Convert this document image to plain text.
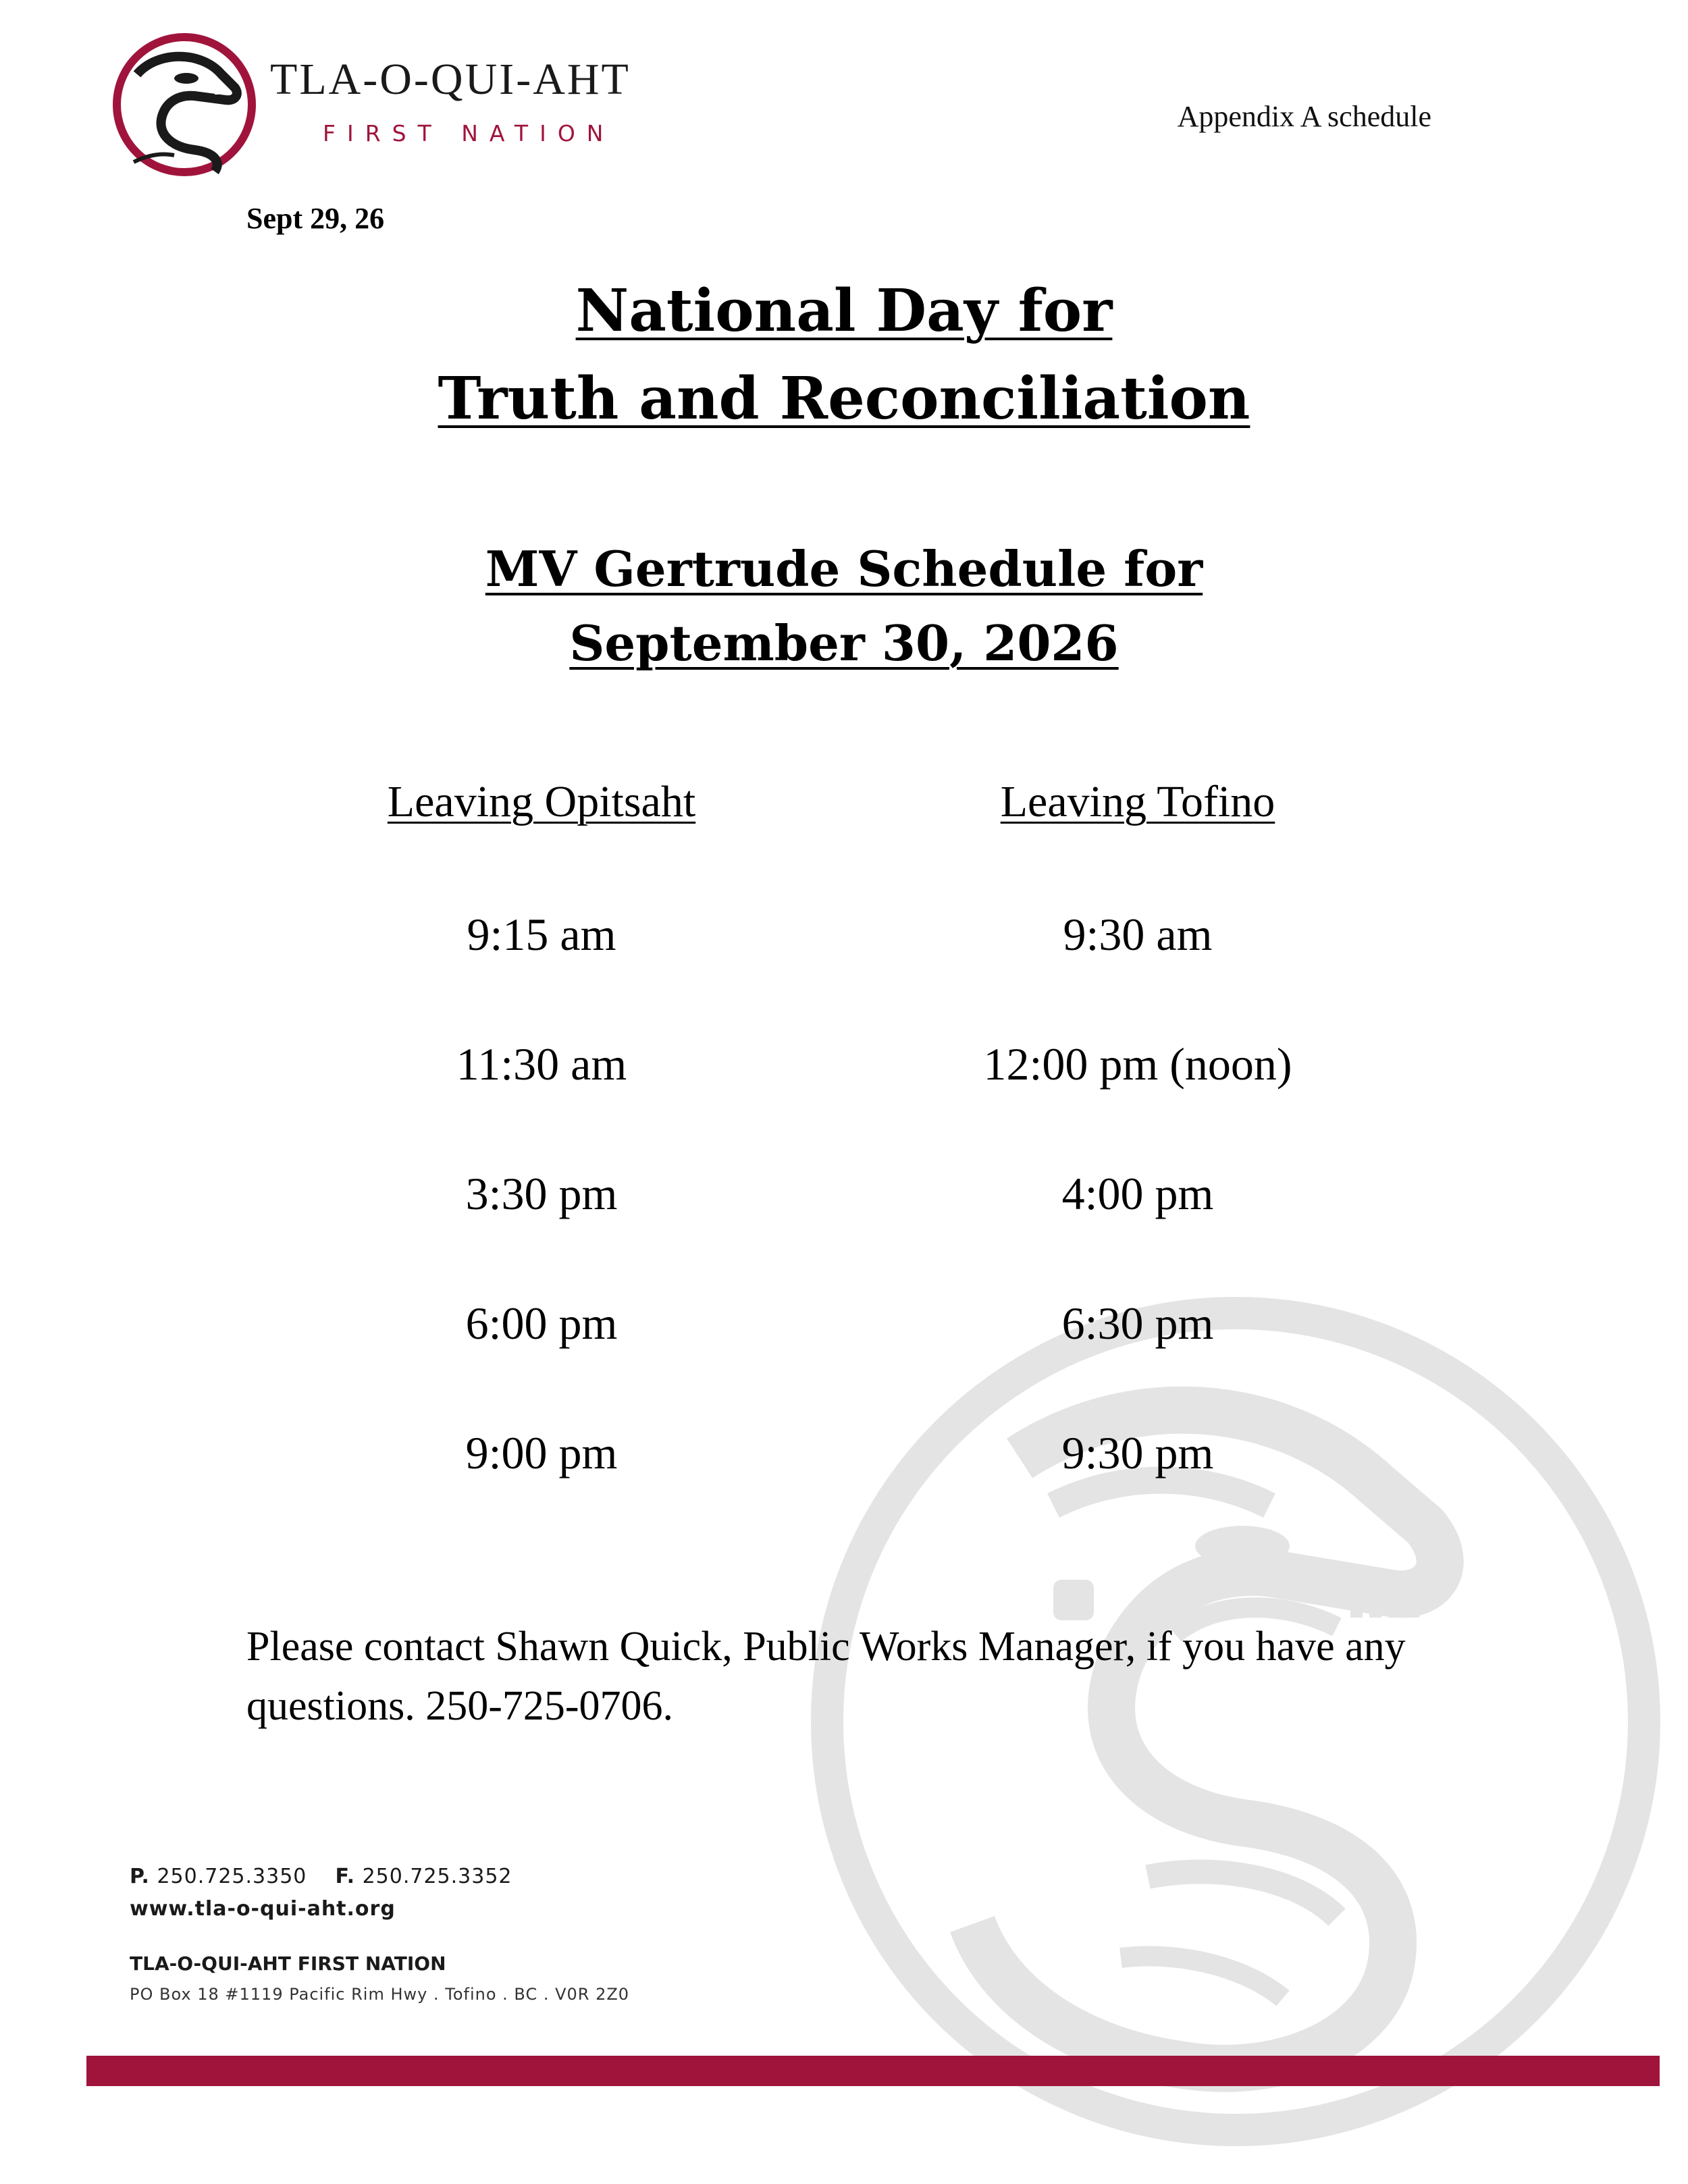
TLA-O-QUI-AHT
FIRST NATION
Appendix A schedule
Sept 29, 26
National Day for
Truth and Reconciliation
MV Gertrude Schedule for
September 30, 2026
Leaving Opitsaht	Leaving Tofino
9:15 am	9:30 am
11:30 am	12:00 pm (noon)
3:30 pm	4:00 pm
6:00 pm	6:30 pm
9:00 pm	9:30 pm
Please contact Shawn Quick, Public Works Manager, if you have any questions. 250-725-0706.
P. 250.725.3350 F. 250.725.3352
www.tla-o-qui-aht.org
TLA-O-QUI-AHT FIRST NATION
PO Box 18 #1119 Pacific Rim Hwy . Tofino . BC . V0R 2Z0
